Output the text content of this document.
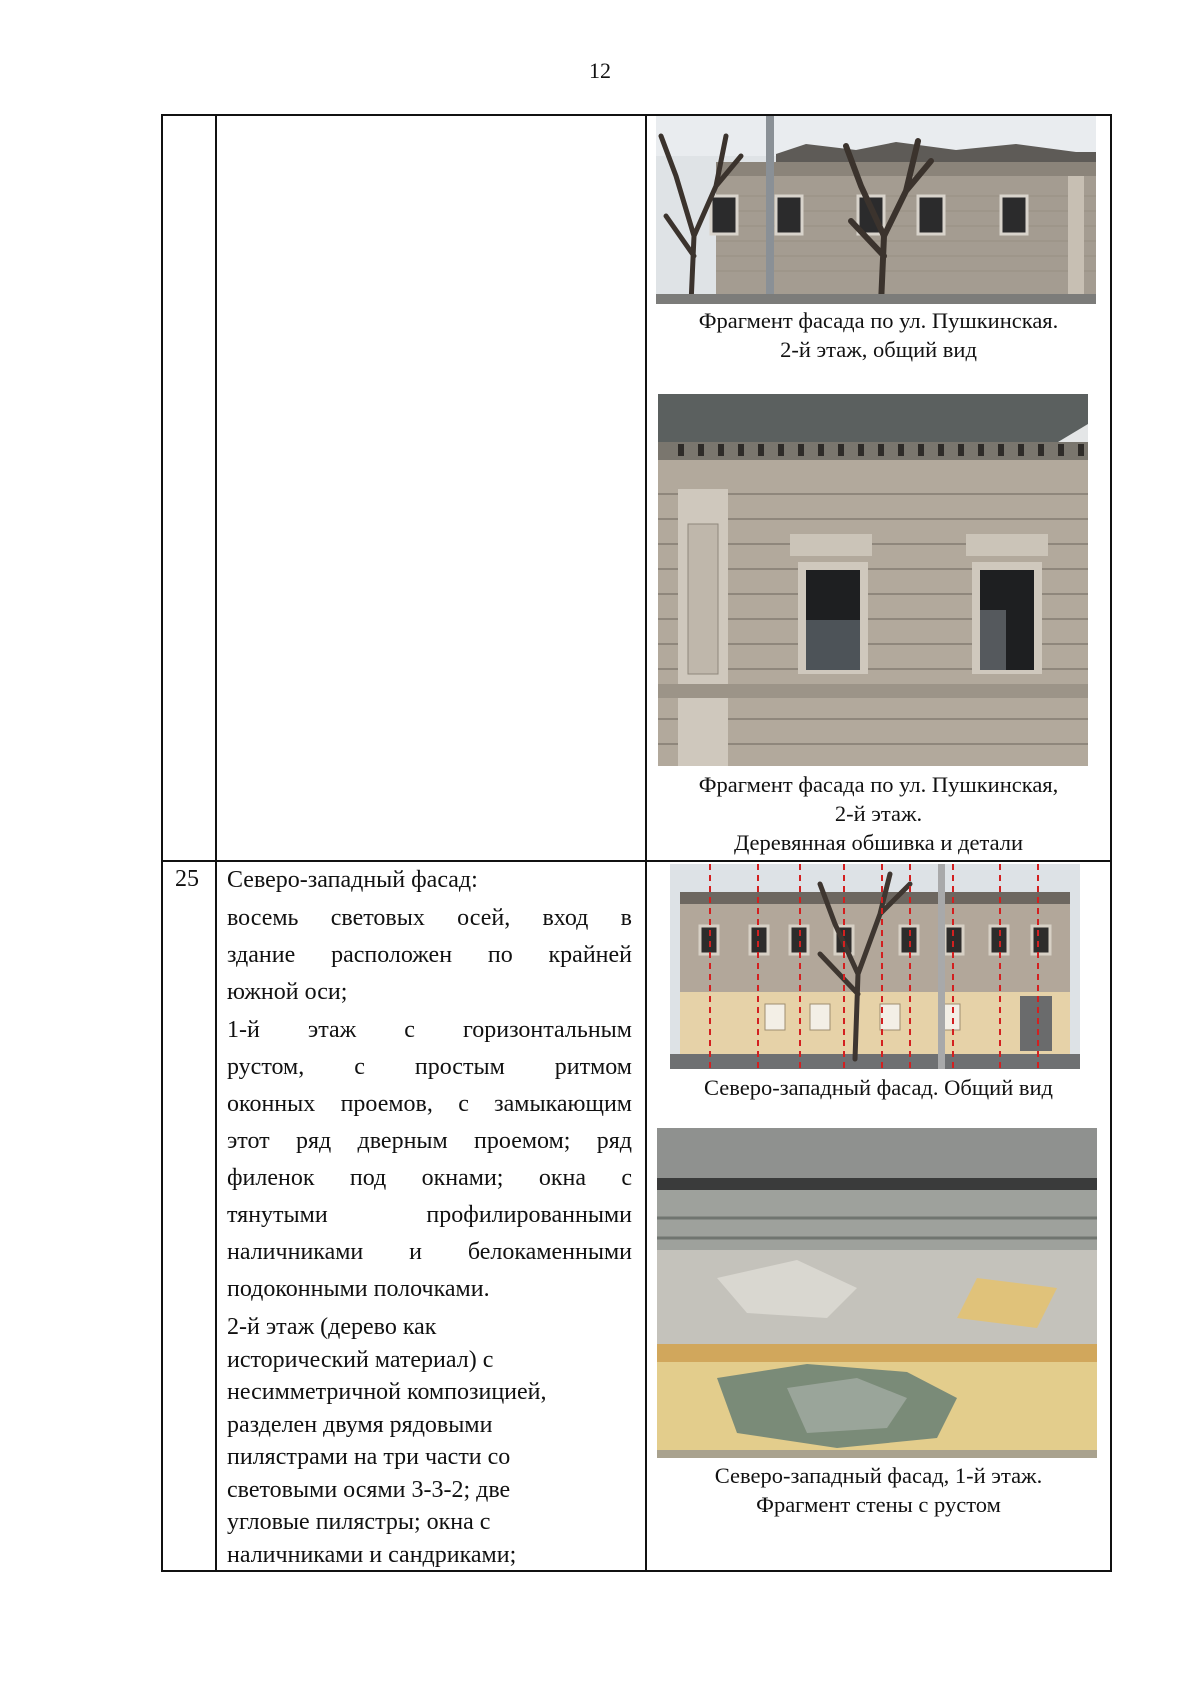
12
Фрагмент фасада по ул. Пушкинская.
2-й этаж, общий вид
Фрагмент фасада по ул. Пушкинская,
2-й этаж.
Деревянная обшивка и детали
25 Северо-западный фасад:
восемь световых осей, вход в
здание расположен по крайней
южной оси;
1-й этаж с горизонтальным
рустом, с простым ритмом
оконных проемов, с замыкающим
этот ряд дверным проемом; ряд
филенок под окнами; окна с
тянутыми профилированными
наличниками и белокаменными
подоконными полочками.
2-й этаж (дерево как
исторический материал) с
несимметричной композицией,
разделен двумя рядовыми
пилястрами на три части со
световыми осями 3-3-2; две
угловые пилястры; окна с
наличниками и сандриками;
Северо-западный фасад. Общий вид
Северо-западный фасад, 1-й этаж.
Фрагмент стены с рустом
